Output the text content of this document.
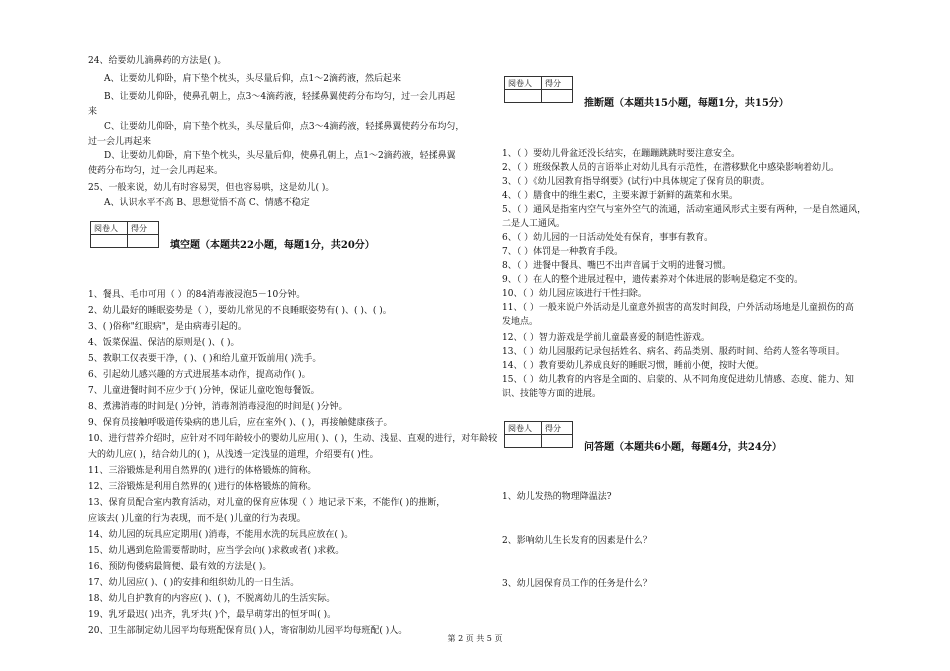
24、给要幼儿滴鼻药的方法是( )。
A、让要幼儿仰卧，肩下垫个枕头，头尽量后仰，点1～2滴药液，然后起来
B、让要幼儿仰卧，使鼻孔朝上，点3～4滴药液，轻揉鼻翼使药分布均匀，过一会儿再起
来
C、让要幼儿仰卧，肩下垫个枕头，头尽量后仰，点3～4滴药液，轻揉鼻翼使药分布均匀，
过一会儿再起来
D、让要幼儿仰卧，肩下垫个枕头，头尽量后仰，使鼻孔朝上，点1～2滴药液，轻揉鼻翼
使药分布均匀，过一会儿再起来。
25、一般来说，幼儿有时容易哭，但也容易哄，这是幼儿( )。
A、认识水平不高 B、思想觉悟不高 C、情感不稳定
阅卷人	得分

填空题（本题共22小题，每题1分，共20分）
1、餐具、毛巾可用（ ）的84消毒液浸泡5－10分钟。
2、幼儿最好的睡眠姿势是（ ），要幼儿常见的不良睡眠姿势有( )、( )、( )。
3、( )俗称"红眼病"，是由病毒引起的。
4、饭菜保温、保洁的原则是( )、( )。
5、教职工仅表要干净，( )、( )和给儿童开饭前用( )洗手。
6、引起幼儿感兴趣的方式进展基本动作，提高动作( )。
7、儿童进餐时间不应少于( )分钟，保证儿童吃饱每餐饭。
8、煮沸消毒的时间是( )分钟，消毒剂消毒浸泡的时间是( )分钟。
9、保育员接触呼吸道传染病的患儿后，应在室外( )、( )，再接触健康孩子。
10、进行营养介绍时，应针对不同年龄较小的婴幼儿应用( )、( )，生动、浅显、直观的进行，对年龄较
大的幼儿应( )，结合幼儿的( )，从浅透一定浅显的道理，介绍要有( )性。
11、三浴锻炼是利用自然界的( )进行的体格锻炼的简称。
12、三浴锻炼是利用自然界的( )进行的体格锻炼的简称。
13、保育员配合室内教育活动，对儿童的保育应体现（ ）地记录下来，不能作( )的推断，
应该去( )儿童的行为表现，而不是( )儿童的行为表现。
14、幼儿园的玩具应定期用( )消毒，不能用水洗的玩具应放在( )。
15、幼儿遇到危险需要帮助时，应当学会向( )求救或者( )求救。
16、预防佝偻病最简便、最有效的方法是( )。
17、幼儿园应( )、( )的安排和组织幼儿的一日生活。
18、幼儿自护教育的内容应( )、( )，不脱离幼儿的生活实际。
19、乳牙最迟( )出齐，乳牙共( )个，最早萌芽出的恒牙叫( )。
20、卫生部制定幼儿园平均每班配保育员( )人，寄宿制幼儿园平均每班配( )人。
阅卷人	得分

推断题（本题共15小题，每题1分，共15分）
1、（ ）要幼儿骨盆还没长结实，在蹦蹦跳跳时要注意安全。
2、（ ）班级保教人员的言语举止对幼儿具有示范性，在潜移默化中感染影响着幼儿。
3、（ ）《幼儿园教育指导纲要》(试行)中具体规定了保育员的职责。
4、（ ）膳食中的维生素C，主要来源于新鲜的蔬菜和水果。
5、（ ）通风是指室内空气与室外空气的流通，活动室通风形式主要有两种，一是自然通风，
二是人工通风。
6、（ ）幼儿园的一日活动处处有保育，事事有教育。
7、（ ）体罚是一种教育手段。
8、（ ）进餐中餐具、嘴巴不出声音属于文明的进餐习惯。
9、（ ）在人的整个进展过程中，遗传素养对个体进展的影响是稳定不变的。
10、（ ）幼儿园应该进行干性扫除。
11、（ ）一般来说户外活动是儿童意外损害的高发时间段，户外活动场地是儿童损伤的高
发地点。
12、（ ）智力游戏是学前儿童最喜爱的制造性游戏。
13、（ ）幼儿园服药记录包括姓名、病名、药品类别、服药时间、给药人签名等项目。
14、（ ）教育要幼儿养成良好的睡眠习惯，睡前小便，按时大便。
15、（ ）幼儿教育的内容是全面的、启蒙的、从不同角度促进幼儿情感、态度、能力、知
识、技能等方面的进展。
阅卷人	得分

问答题（本题共6小题，每题4分，共24分）
1、幼儿发热的物理降温法?
2、影响幼儿生长发育的因素是什么？
3、幼儿园保育员工作的任务是什么？
第 2 页 共 5 页
